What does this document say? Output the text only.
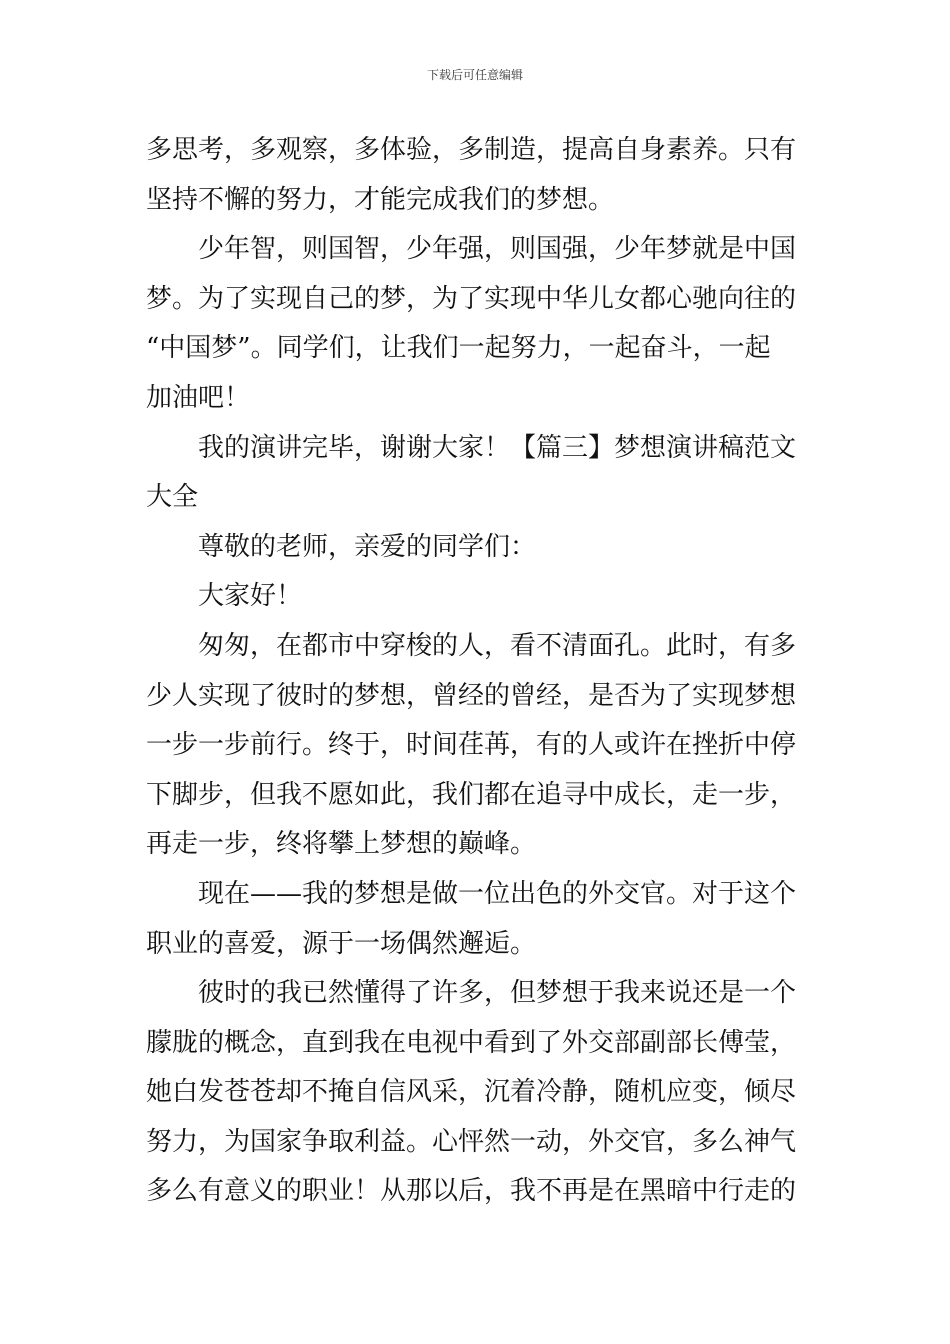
下载后可任意编辑
多思考，多观察，多体验，多制造，提高自身素养。只有
坚持不懈的努力，才能完成我们的梦想。
少年智，则国智，少年强，则国强，少年梦就是中国
梦。为了实现自己的梦，为了实现中华儿女都心驰向往的
“中国梦”。同学们，让我们一起努力，一起奋斗，一起
加油吧！
我的演讲完毕，谢谢大家！【篇三】梦想演讲稿范文
大全
尊敬的老师，亲爱的同学们：
大家好！
匆匆，在都市中穿梭的人，看不清面孔。此时，有多
少人实现了彼时的梦想，曾经的曾经，是否为了实现梦想
一步一步前行。终于，时间荏苒，有的人或许在挫折中停
下脚步，但我不愿如此，我们都在追寻中成长，走一步，
再走一步，终将攀上梦想的巅峰。
现在——我的梦想是做一位出色的外交官。对于这个
职业的喜爱，源于一场偶然邂逅。
彼时的我已然懂得了许多，但梦想于我来说还是一个
朦胧的概念，直到我在电视中看到了外交部副部长傅莹，
她白发苍苍却不掩自信风采，沉着冷静，随机应变，倾尽
努力，为国家争取利益。心怦然一动，外交官，多么神气
多么有意义的职业！从那以后，我不再是在黑暗中行走的
